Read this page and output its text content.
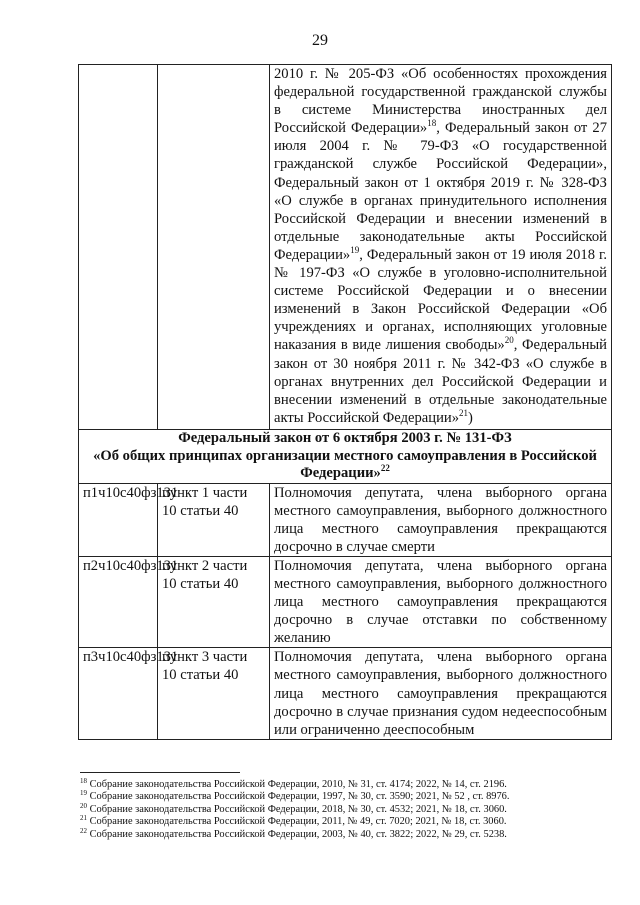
29
		2010 г. № 205-ФЗ «Об особенностях прохождения федеральной государственной гражданской службы в системе Министерства иностранных дел Российской Федерации»$^{18}$, Федеральный закон от 27 июля 2004 г. № 79-ФЗ «О государственной гражданской службе Российской Федерации», Федеральный закон от 1 октября 2019 г. № 328-ФЗ «О службе в органах принудительного исполнения Российской Федерации и внесении изменений в отдельные законодательные акты Российской Федерации»$^{19}$, Федеральный закон от 19 июля 2018 г. № 197-ФЗ «О службе в уголовно-исполнительной системе Российской Федерации и о внесении изменений в Закон Российской Федерации «Об учреждениях и органах, исполняющих уголовные наказания в виде лишения свободы»$^{20}$, Федеральный закон от 30 ноября 2011 г. № 342-ФЗ «О службе в органах внутренних дел Российской Федерации и внесении изменений в отдельные законодательные акты Российской Федерации»$^{21}$)

Федеральный закон от 6 октября 2003 г. № 131-ФЗ
«Об общих принципах организации местного самоуправления в Российской Федерации»$^{22}$

п1ч10с40фз131	пункт 1 части 10 статьи 40	Полномочия депутата, члена выборного органа местного самоуправления, выборного должностного лица местного самоуправления прекращаются досрочно в случае смерти
п2ч10с40фз131	пункт 2 части 10 статьи 40	Полномочия депутата, члена выборного органа местного самоуправления, выборного должностного лица местного самоуправления прекращаются досрочно в случае отставки по собственному желанию
п3ч10с40фз131	пункт 3 части 10 статьи 40	Полномочия депутата, члена выборного органа местного самоуправления, выборного должностного лица местного самоуправления прекращаются досрочно в случае признания судом недееспособным или ограниченно дееспособным
$^{18}$ Собрание законодательства Российской Федерации, 2010, № 31, ст. 4174; 2022, № 14, ст. 2196.
$^{19}$ Собрание законодательства Российской Федерации, 1997, № 30, ст. 3590; 2021, № 52 , ст. 8976.
$^{20}$ Собрание законодательства Российской Федерации, 2018, № 30, ст. 4532; 2021, № 18, ст. 3060.
$^{21}$ Собрание законодательства Российской Федерации, 2011, № 49, ст. 7020; 2021, № 18, ст. 3060.
$^{22}$ Собрание законодательства Российской Федерации, 2003, № 40, ст. 3822; 2022, № 29, ст. 5238.
